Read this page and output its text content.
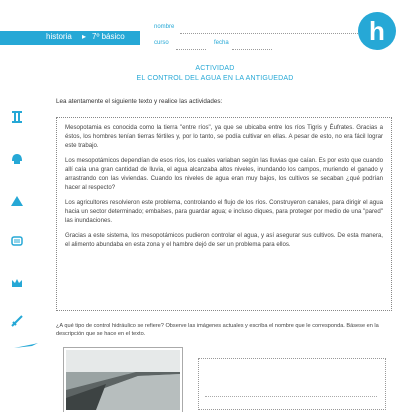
historia ▸ 7º básico
nombre
curso	fecha	h
ACTIVIDAD
EL CONTROL DEL AGUA EN LA ANTIGUEDAD
Lea atentamente el siguiente texto y realice las actividades:

Mesopotamia es conocida como la tierra "entre ríos", ya que se ubicaba entre los ríos Tigris y Éufrates. Gracias a éstos, los hombres tenían tierras fértiles y, por lo tanto, se podía cultivar en ellas. A pesar de esto, no era fácil lograr este trabajo.

Los mesopotámicos dependían de esos ríos, los cuales variaban según las lluvias que caían. Es por esto que cuando allí caía una gran cantidad de lluvia, el agua alcanzaba altos niveles, inundando los campos, muriendo el ganado y arrastrando con las viviendas. Cuando los niveles de agua eran muy bajos, los cultivos se secaban ¿qué podrían hacer al respecto?

Los agricultores resolvieron este problema, controlando el flujo de los ríos. Construyeron canales, para dirigir el agua hacia un sector determinado; embalses, para guardar agua; e incluso diques, para proteger por medio de una "pared" las inundaciones.

Gracias a este sistema, los mesopotámicos pudieron controlar el agua, y así asegurar sus cultivos. De esta manera, el alimento abundaba en esta zona y el hambre dejó de ser un problema para ellos.

¿A qué tipo de control hidráulico se refiere? Observe las imágenes actuales y escriba el nombre que le corresponda. Básese en la descripción que se hace en el texto.
